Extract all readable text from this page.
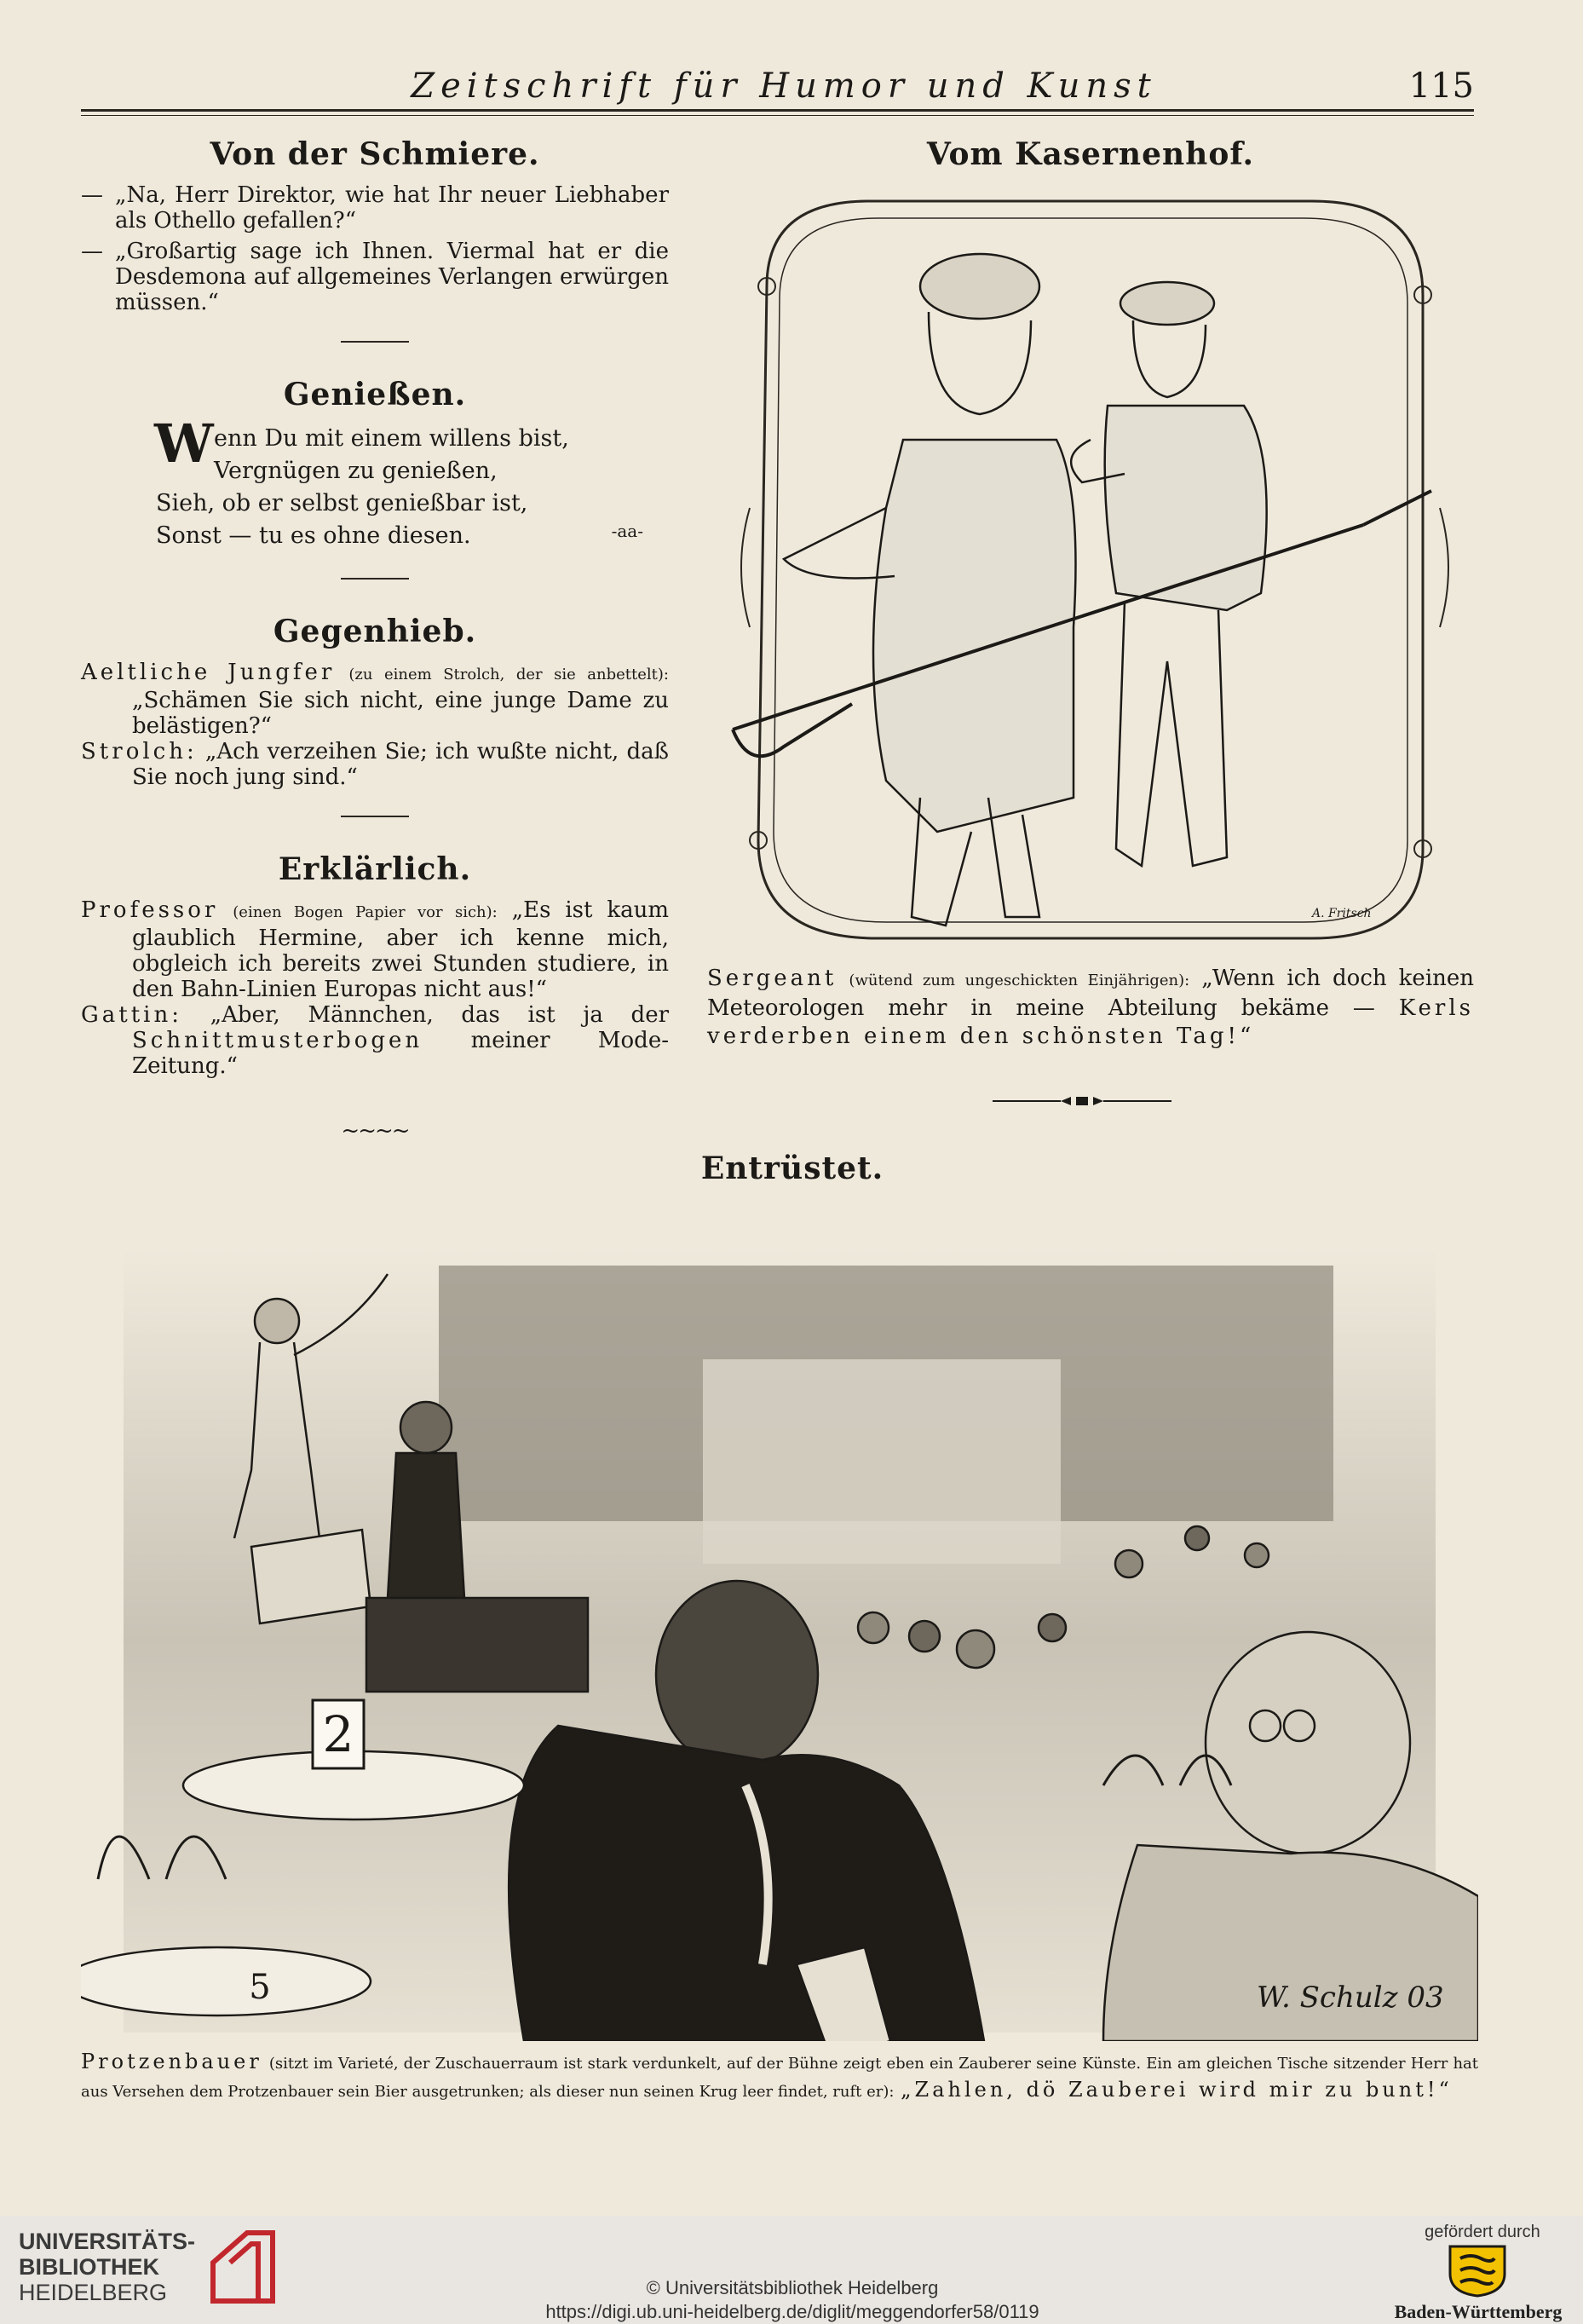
Zeitschrift für Humor und Kunst	115
Von der Schmiere.
— „Na, Herr Direktor, wie hat Ihr neuer Liebhaber als Othello gefallen?“
— „Großartig sage ich Ihnen. Viermal hat er die Desdemona auf allgemeines Verlangen erwürgen müssen.“
Genießen.
W enn Du mit einem willens bist,
Vergnügen zu genießen,
Sieh, ob er selbst genießbar ist,
Sonst — tu es ohne diesen.	-aa-
Gegenhieb.

Aeltliche Jungfer (zu einem Strolch, der sie anbettelt): „Schämen Sie sich nicht, eine junge Dame zu belästigen?“

Strolch: „Ach verzeihen Sie; ich wußte nicht, daß Sie noch jung sind.“

Erklärlich.

Professor (einen Bogen Papier vor sich): „Es ist kaum glaublich Hermine, aber ich kenne mich, obgleich ich bereits zwei Stunden studiere, in den Bahn-Linien Europas nicht aus!“

Gattin: „Aber, Männchen, das ist ja der Schnittmusterbogen meiner Mode-Zeitung.“

~~~~
Vom Kasernenhof.
A. Fritsch
Sergeant (wütend zum ungeschickten Einjährigen): „Wenn ich doch keinen Meteorologen mehr in meine Abteilung bekäme — Kerls verderben einem den schönsten Tag!“
Entrüstet.
2
5	W. Schulz 03
Protzenbauer (sitzt im Varieté, der Zuschauerraum ist stark verdunkelt, auf der Bühne zeigt eben ein Zauberer seine Künste. Ein am gleichen Tische sitzender Herr hat aus Versehen dem Protzenbauer sein Bier ausgetrunken; als dieser nun seinen Krug leer findet, ruft er): „Zahlen, dö Zauberei wird mir zu bunt!“
UNIVERSITÄTS-
BIBLIOTHEK
HEIDELBERG	© Universitätsbibliothek Heidelberg
https://digi.ub.uni-heidelberg.de/diglit/meggendorfer58/0119
gefördert durch
Baden-Württemberg
